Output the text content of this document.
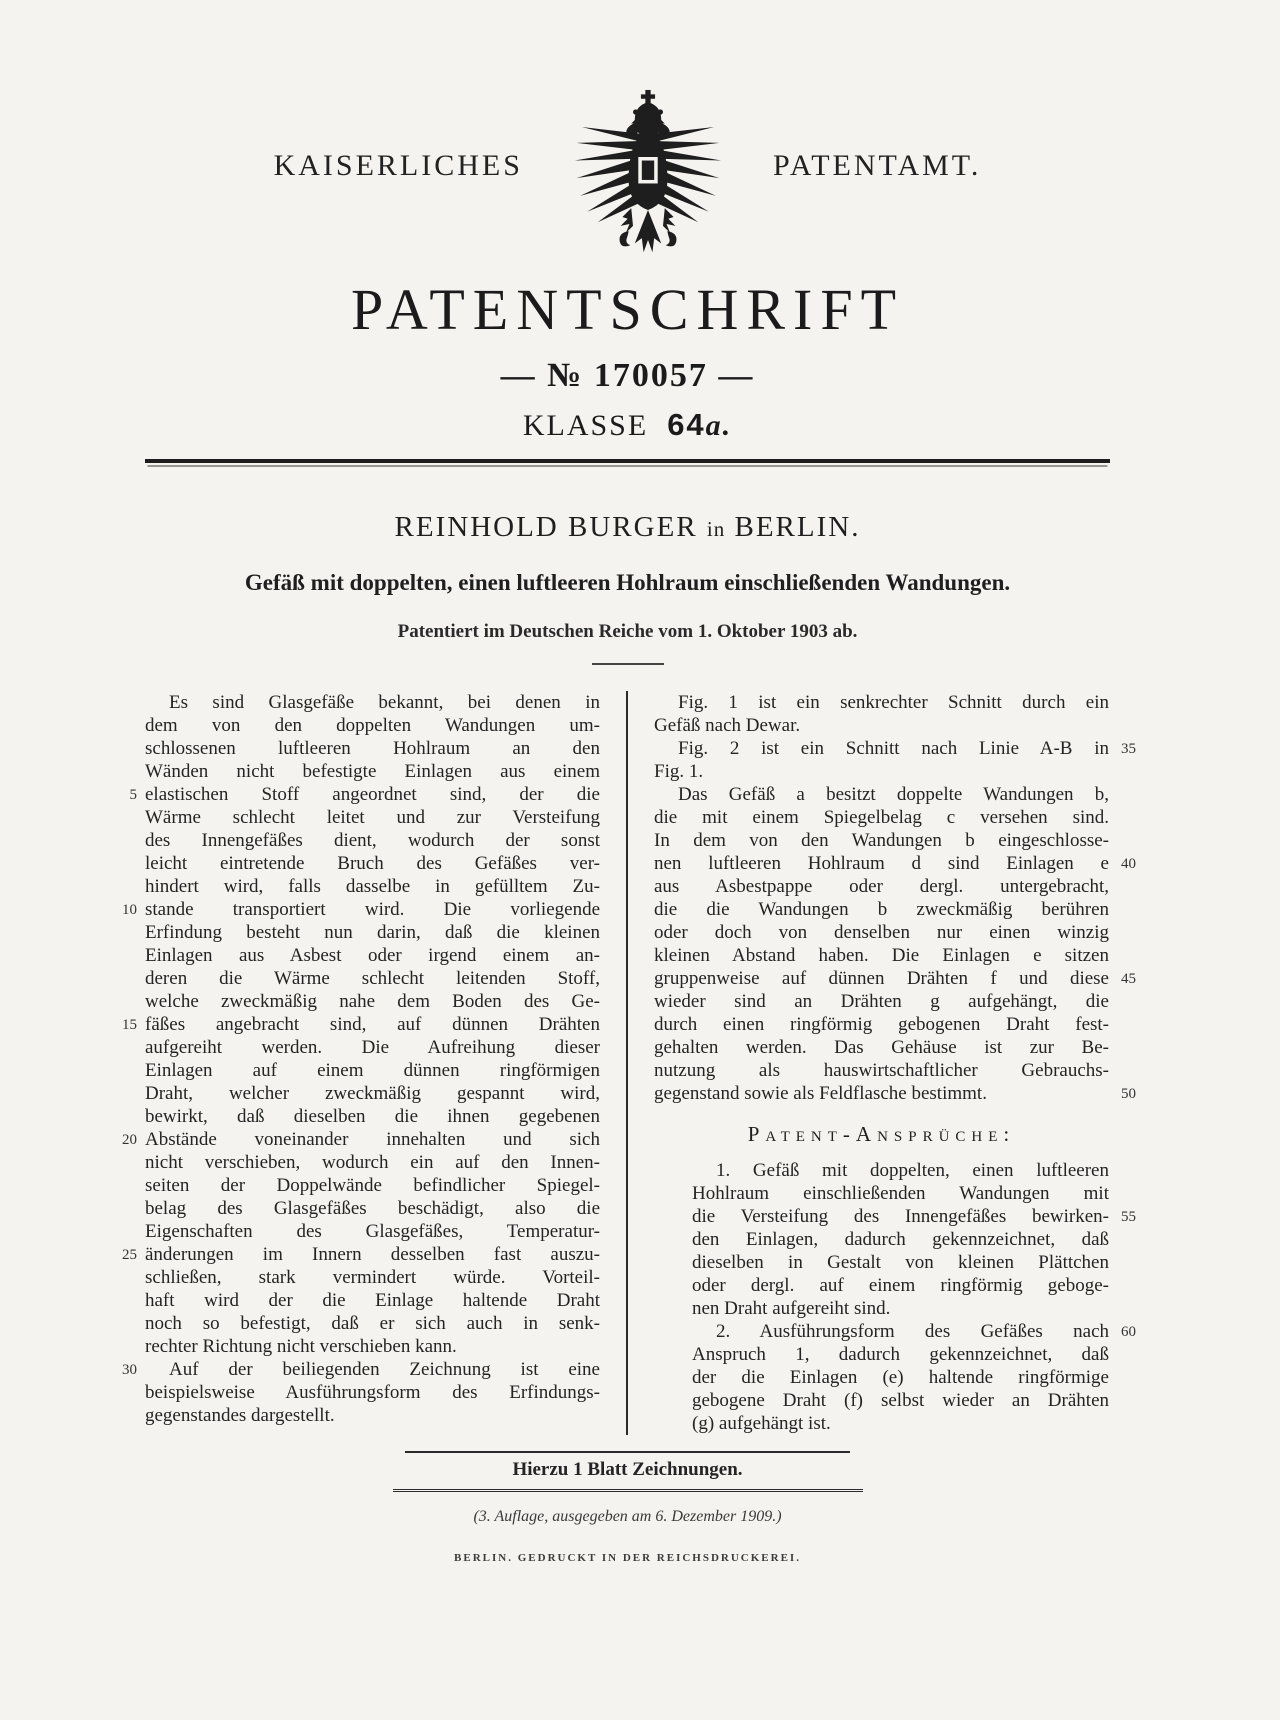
KAISERLICHES	PATENTAMT.
PATENTSCHRIFT
— № 170057 —
KLASSE 64a.
REINHOLD BURGER in BERLIN.
Gefäß mit doppelten, einen luftleeren Hohlraum einschließenden Wandungen.
Patentiert im Deutschen Reiche vom 1. Oktober 1903 ab.
Es sind Glasgefäße bekannt, bei denen in
dem von den doppelten Wandungen um-
schlossenen luftleeren Hohlraum an den
Wänden nicht befestigte Einlagen aus einem
elastischen Stoff angeordnet sind, der die
5
Wärme schlecht leitet und zur Versteifung
des Innengefäßes dient, wodurch der sonst
leicht eintretende Bruch des Gefäßes ver-
hindert wird, falls dasselbe in gefülltem Zu-
stande transportiert wird. Die vorliegende
10
Erfindung besteht nun darin, daß die kleinen
Einlagen aus Asbest oder irgend einem an-
deren die Wärme schlecht leitenden Stoff,
welche zweckmäßig nahe dem Boden des Ge-
fäßes angebracht sind, auf dünnen Drähten
15
aufgereiht werden. Die Aufreihung dieser
Einlagen auf einem dünnen ringförmigen
Draht, welcher zweckmäßig gespannt wird,
bewirkt, daß dieselben die ihnen gegebenen
Abstände voneinander innehalten und sich
20
nicht verschieben, wodurch ein auf den Innen-
seiten der Doppelwände befindlicher Spiegel-
belag des Glasgefäßes beschädigt, also die
Eigenschaften des Glasgefäßes, Temperatur-
änderungen im Innern desselben fast auszu-
25
schließen, stark vermindert würde. Vorteil-
haft wird der die Einlage haltende Draht
noch so befestigt, daß er sich auch in senk-
rechter Richtung nicht verschieben kann.
Auf der beiliegenden Zeichnung ist eine
30
beispielsweise Ausführungsform des Erfindungs-
gegenstandes dargestellt.
Fig. 1 ist ein senkrechter Schnitt durch ein
Gefäß nach Dewar.
Fig. 2 ist ein Schnitt nach Linie A-B in 35
Fig. 1.
Das Gefäß a besitzt doppelte Wandungen b,
die mit einem Spiegelbelag c versehen sind.
In dem von den Wandungen b eingeschlosse-
nen luftleeren Hohlraum d sind Einlagen e 40
aus Asbestpappe oder dergl. untergebracht,
die die Wandungen b zweckmäßig berühren
oder doch von denselben nur einen winzig
kleinen Abstand haben. Die Einlagen e sitzen
gruppenweise auf dünnen Drähten f und diese 45
wieder sind an Drähten g aufgehängt, die
durch einen ringförmig gebogenen Draht fest-
gehalten werden. Das Gehäuse ist zur Be-
nutzung als hauswirtschaftlicher Gebrauchs-
gegenstand sowie als Feldflasche bestimmt.	50
Patent-Ansprüche:
1. Gefäß mit doppelten, einen luftleeren
Hohlraum einschließenden Wandungen mit
die Versteifung des Innengefäßes bewirken- 55
den Einlagen, dadurch gekennzeichnet, daß
dieselben in Gestalt von kleinen Plättchen
oder dergl. auf einem ringförmig geboge-
nen Draht aufgereiht sind.
2. Ausführungsform des Gefäßes nach 60
Anspruch 1, dadurch gekennzeichnet, daß
der die Einlagen (e) haltende ringförmige
gebogene Draht (f) selbst wieder an Drähten
(g) aufgehängt ist.
Hierzu 1 Blatt Zeichnungen.
(3. Auflage, ausgegeben am 6. Dezember 1909.)
BERLIN. GEDRUCKT IN DER REICHSDRUCKEREI.
